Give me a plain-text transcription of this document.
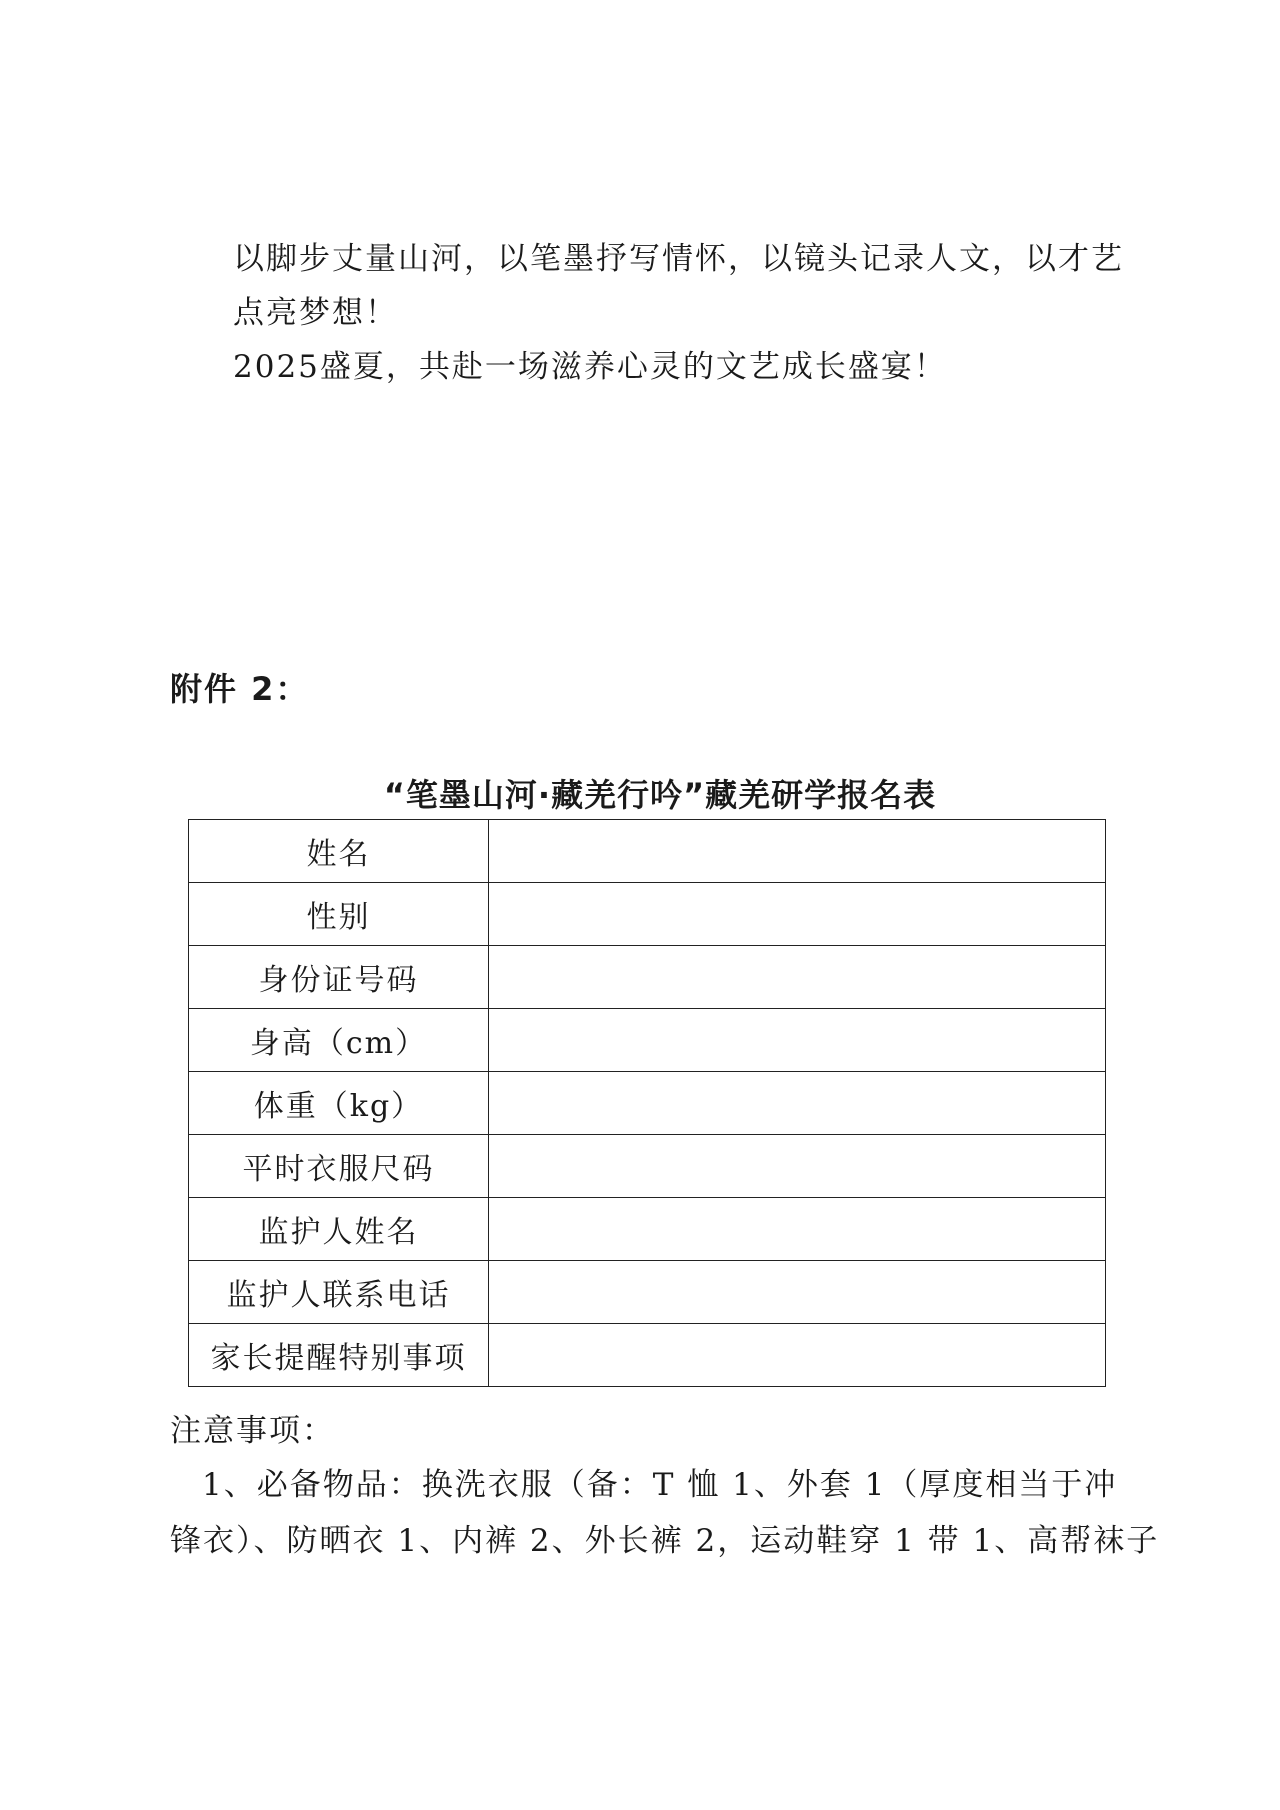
以脚步丈量山河，以笔墨抒写情怀，以镜头记录人文，以才艺
点亮梦想！
2025盛夏，共赴一场滋养心灵的文艺成长盛宴！
附件 2：
“笔墨山河·藏羌行吟”藏羌研学报名表
姓名	
性别	
身份证号码	
身高（cm）	
体重（kg）	
平时衣服尺码	
监护人姓名	
监护人联系电话	
家长提醒特别事项	
注意事项：
1、必备物品：换洗衣服（备：T 恤 1、外套 1（厚度相当于冲
锋衣）、防晒衣 1、内裤 2、外长裤 2，运动鞋穿 1 带 1、高帮袜子
